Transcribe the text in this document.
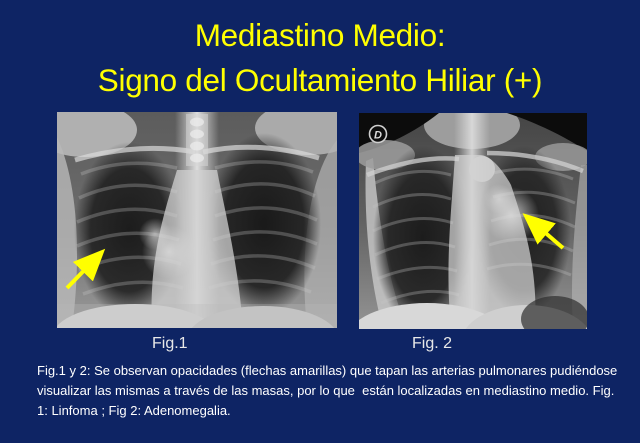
Mediastino Medio:
Signo del Ocultamiento Hiliar (+)
D
Fig.1	Fig. 2
Fig.1 y 2: Se observan opacidades (flechas amarillas) que tapan las arterias pulmonares pudiéndose visualizar las mismas a través de las masas, por lo que  están localizadas en mediastino medio. Fig. 1: Linfoma ; Fig 2: Adenomegalia.
